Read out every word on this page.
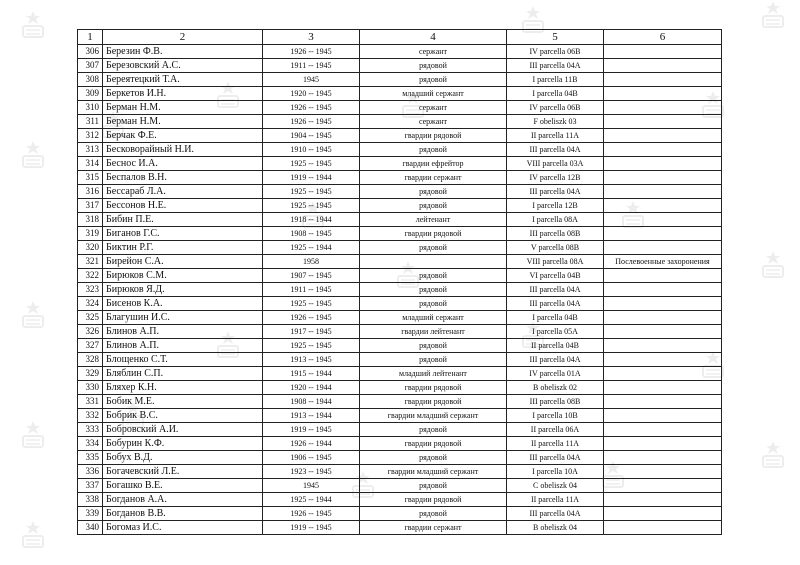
1	2	3	4	5	6
306	Березин Ф.В.	1926 -- 1945	сержант	IV parcella 06B	
307	Березовский А.С.	1911 -- 1945	рядовой	III parcella 04A	
308	Береятецкий Т.А.	1945	рядовой	I parcella 11B	
309	Беркетов И.Н.	1920 -- 1945	младший сержант	I parcella 04B	
310	Берман Н.М.	1926 -- 1945	сержант	IV parcella 06B	
311	Берман Н.М.	1926 -- 1945	сержант	F obeliszk 03	
312	Берчак Ф.Е.	1904 -- 1945	гвардии рядовой	II parcella 11A	
313	Бесковорайный Н.И.	1910 -- 1945	рядовой	III parcella 04A	
314	Беснос И.А.	1925 -- 1945	гвардии ефрейтор	VIII parcella 03A	
315	Беспалов В.Н.	1919 -- 1944	гвардии сержант	IV parcella 12B	
316	Бессараб Л.А.	1925 -- 1945	рядовой	III parcella 04A	
317	Бессонов Н.Е.	1925 -- 1945	рядовой	I parcella 12B	
318	Бибин П.Е.	1918 -- 1944	лейтенант	I parcella 08A	
319	Биганов Г.С.	1908 -- 1945	гвардии рядовой	III parcella 08B	
320	Биктин Р.Г.	1925 -- 1944	рядовой	V parcella 08B	
321	Бирейон С.А.	1958		VIII parcella 08A	Послевоенные захоронения
322	Бирюков С.М.	1907 -- 1945	рядовой	VI parcella 04B	
323	Бирюков Я.Д.	1911 -- 1945	рядовой	III parcella 04A	
324	Бисенов К.А.	1925 -- 1945	рядовой	III parcella 04A	
325	Благушин И.С.	1926 -- 1945	младший сержант	I parcella 04B	
326	Блинов А.П.	1917 -- 1945	гвардии лейтенант	I parcella 05A	
327	Блинов А.П.	1925 -- 1945	рядовой	II parcella 04B	
328	Блощенко С.Т.	1913 -- 1945	рядовой	III parcella 04A	
329	Бляблин С.П.	1915 -- 1944	младший лейтенант	IV parcella 01A	
330	Бляхер К.Н.	1920 -- 1944	гвардии рядовой	B obeliszk 02	
331	Бобик М.Е.	1908 -- 1944	гвардии рядовой	III parcella 08B	
332	Бобрик В.С.	1913 -- 1944	гвардии младший сержант	I parcella 10B	
333	Бобровский А.И.	1919 -- 1945	рядовой	II parcella 06A	
334	Бобурин К.Ф.	1926 -- 1944	гвардии рядовой	II parcella 11A	
335	Бобух В.Д.	1906 -- 1945	рядовой	III parcella 04A	
336	Богачевский Л.Е.	1923 -- 1945	гвардии младший сержант	I parcella 10A	
337	Богашко В.Е.	1945	рядовой	C obeliszk 04	
338	Богданов А.А.	1925 -- 1944	гвардии рядовой	II parcella 11A	
339	Богданов В.В.	1926 -- 1945	рядовой	III parcella 04A	
340	Богомаз И.С.	1919 -- 1945	гвардии сержант	B obeliszk 04	
